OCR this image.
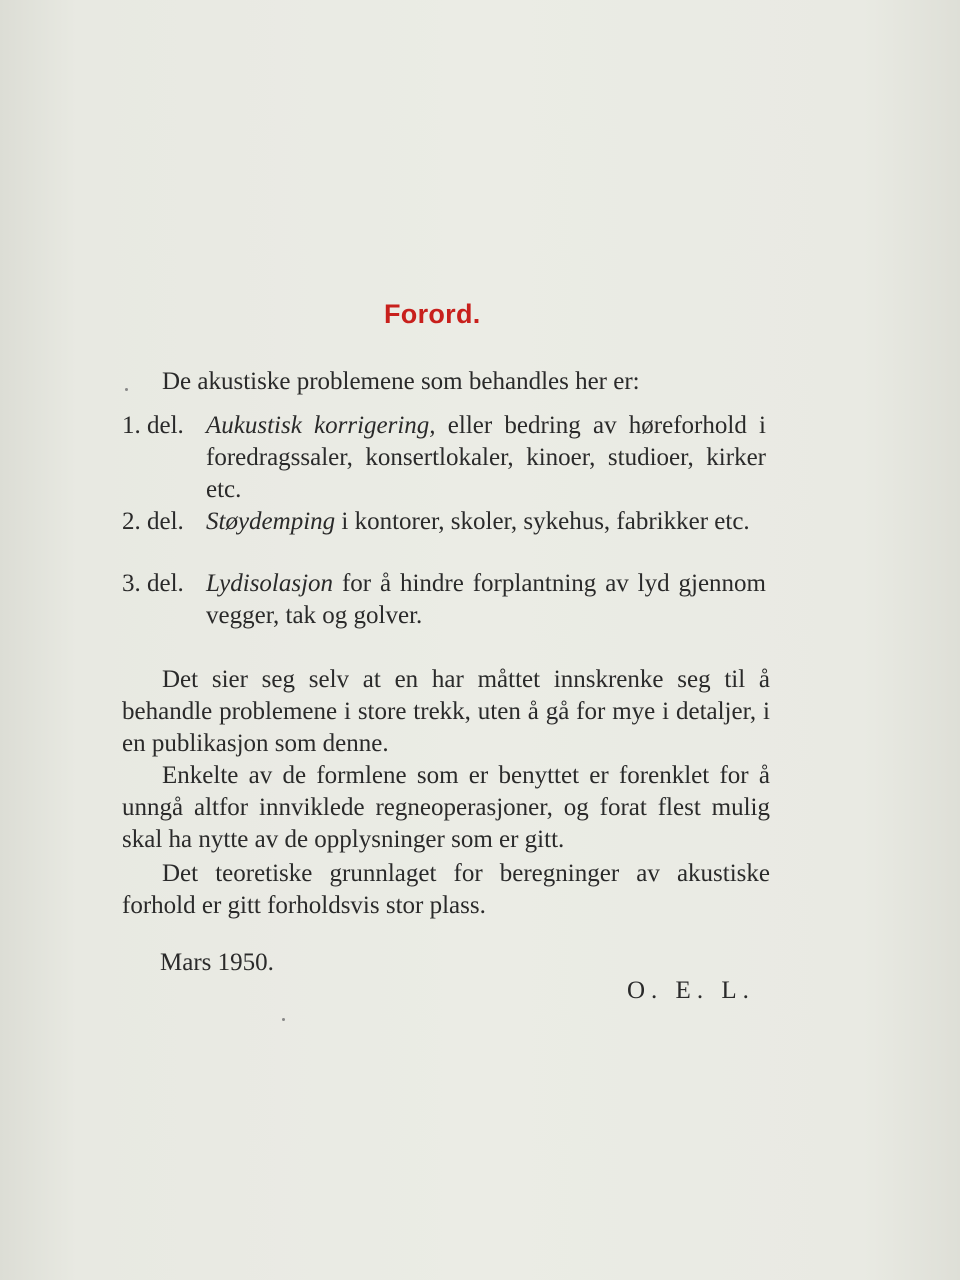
Forord.
De akustiske problemene som behandles her er:
1. del. Aukustisk korrigering, eller bedring av høreforhold i foredragssaler, konsertlokaler, kinoer, studioer, kirker etc.
2. del. Støydemping i kontorer, skoler, sykehus, fabrikker etc.
3. del. Lydisolasjon for å hindre forplantning av lyd gjennom vegger, tak og golver.
Det sier seg selv at en har måttet innskrenke seg til å behandle problemene i store trekk, uten å gå for mye i detaljer, i en publikasjon som denne.
Enkelte av de formlene som er benyttet er forenklet for å unngå altfor innviklede regneoperasjoner, og forat flest mulig skal ha nytte av de opplysninger som er gitt.
Det teoretiske grunnlaget for beregninger av akustiske forhold er gitt forholdsvis stor plass.
Mars 1950.
O. E. L.
